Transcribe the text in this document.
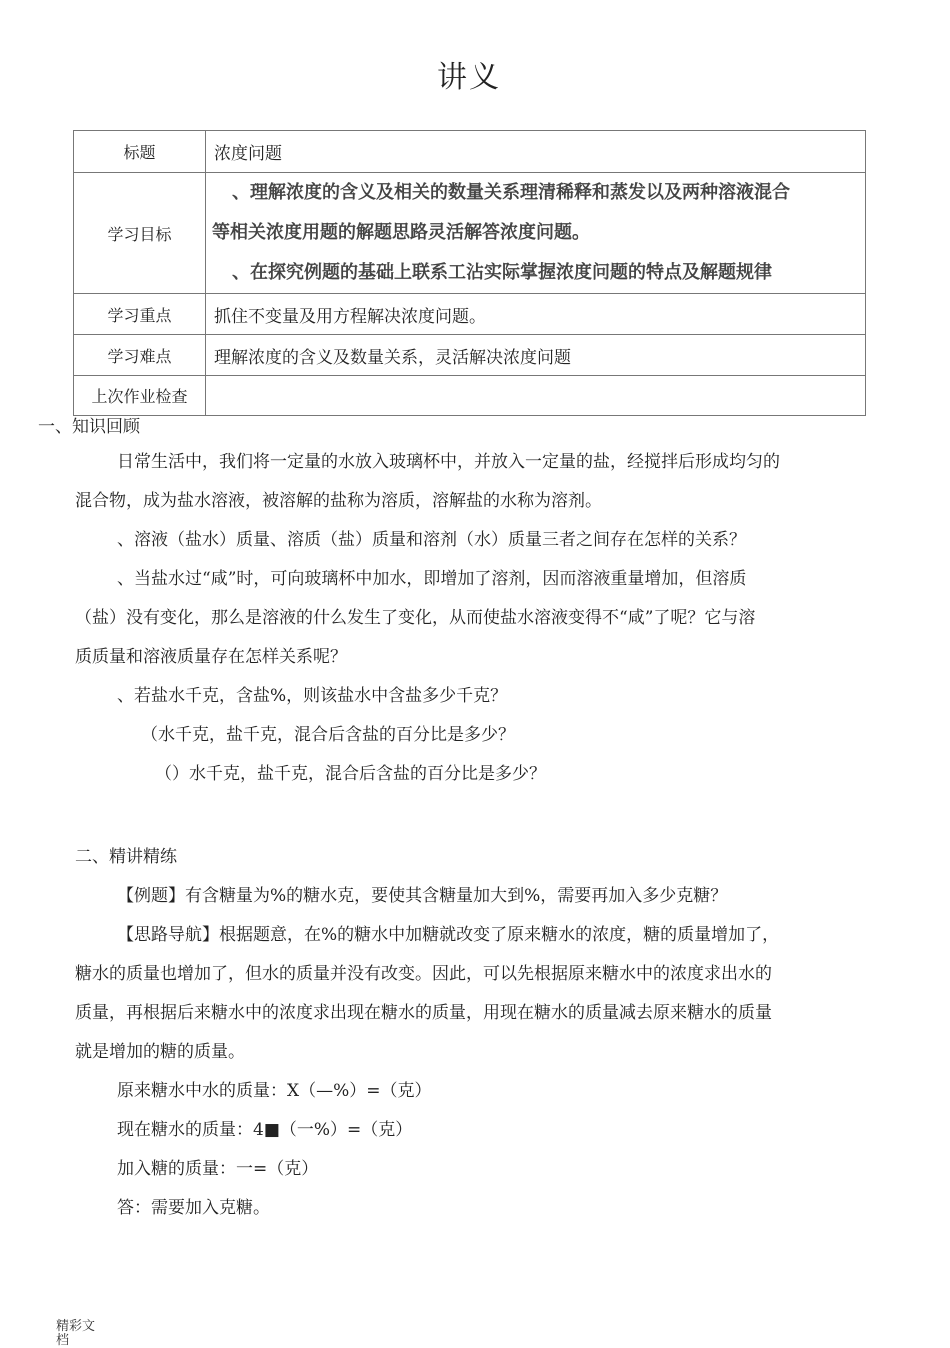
讲义
标题	浓度问题
学习目标	、理解浓度的含义及相关的数量关系理清稀释和蒸发以及两种溶液混合

等相关浓度用题的解题思路灵活解答浓度问题。

、在探究例题的基础上联系工沾实际掌握浓度问题的特点及解题规律

学习重点	抓住不变量及用方程解决浓度问题。
学习难点	理解浓度的含义及数量关系，灵活解决浓度问题
上次作业检查	

一、知识回顾

日常生活中，我们将一定量的水放入玻璃杯中，并放入一定量的盐，经搅拌后形成均匀的

混合物，成为盐水溶液，被溶解的盐称为溶质，溶解盐的水称为溶剂。

、溶液（盐水）质量、溶质（盐）质量和溶剂（水）质量三者之间存在怎样的关系？

、当盐水过“咸”时，可向玻璃杯中加水，即增加了溶剂，因而溶液重量增加，但溶质

（盐）没有变化，那么是溶液的什么发生了变化，从而使盐水溶液变得不“咸”了呢？它与溶

质质量和溶液质量存在怎样关系呢？

、若盐水千克，含盐%，则该盐水中含盐多少千克？

（水千克，盐千克，混合后含盐的百分比是多少？

（）水千克，盐千克，混合后含盐的百分比是多少？

二、精讲精练

【例题】有含糖量为%的糖水克，要使其含糖量加大到%，需要再加入多少克糖？

【思路导航】根据题意，在%的糖水中加糖就改变了原来糖水的浓度，糖的质量增加了，

糖水的质量也增加了，但水的质量并没有改变。因此，可以先根据原来糖水中的浓度求出水的

质量，再根据后来糖水中的浓度求出现在糖水的质量，用现在糖水的质量减去原来糖水的质量

就是增加的糖的质量。

原来糖水中水的质量：X（—%）=（克）

现在糖水的质量：4■（一%）=（克）

加入糖的质量：一=（克）

答：需要加入克糖。

精彩文
档
